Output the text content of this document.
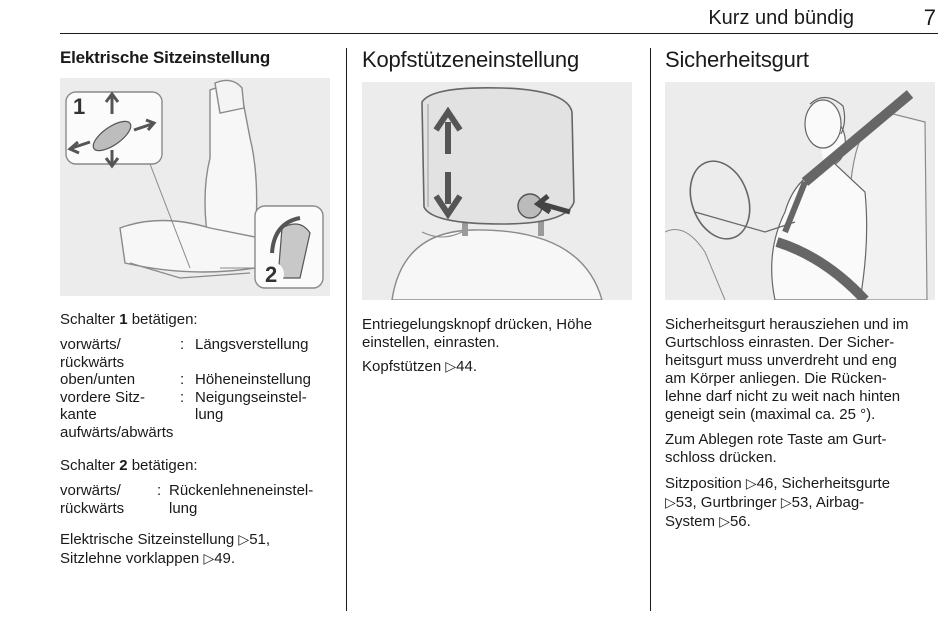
Kurz und bündig	7
Elektrische Sitzeinstellung
1
2
Schalter 1 betätigen:
vorwärts/
rückwärts
: Längsverstellung
oben/unten	: Höheneinstellung
vordere Sitz-
kante
aufwärts/abwärts
: Neigungseinstel-
lung
Schalter 2 betätigen:
vorwärts/
rückwärts
: Rückenlehneneinstel-
lung
Elektrische Sitzeinstellung ▷51,
Sitzlehne vorklappen ▷49.
Kopfstützeneinstellung
Entriegelungsknopf drücken, Höhe
einstellen, einrasten.
Kopfstützen ▷44.
Sicherheitsgurt
Sicherheitsgurt herausziehen und im
Gurtschloss einrasten. Der Sicher-
heitsgurt muss unverdreht und eng
am Körper anliegen. Die Rücken-
lehne darf nicht zu weit nach hinten
geneigt sein (maximal ca. 25 °).
Zum Ablegen rote Taste am Gurt-
schloss drücken.
Sitzposition ▷46, Sicherheitsgurte
▷53, Gurtbringer ▷53, Airbag-
System ▷56.
